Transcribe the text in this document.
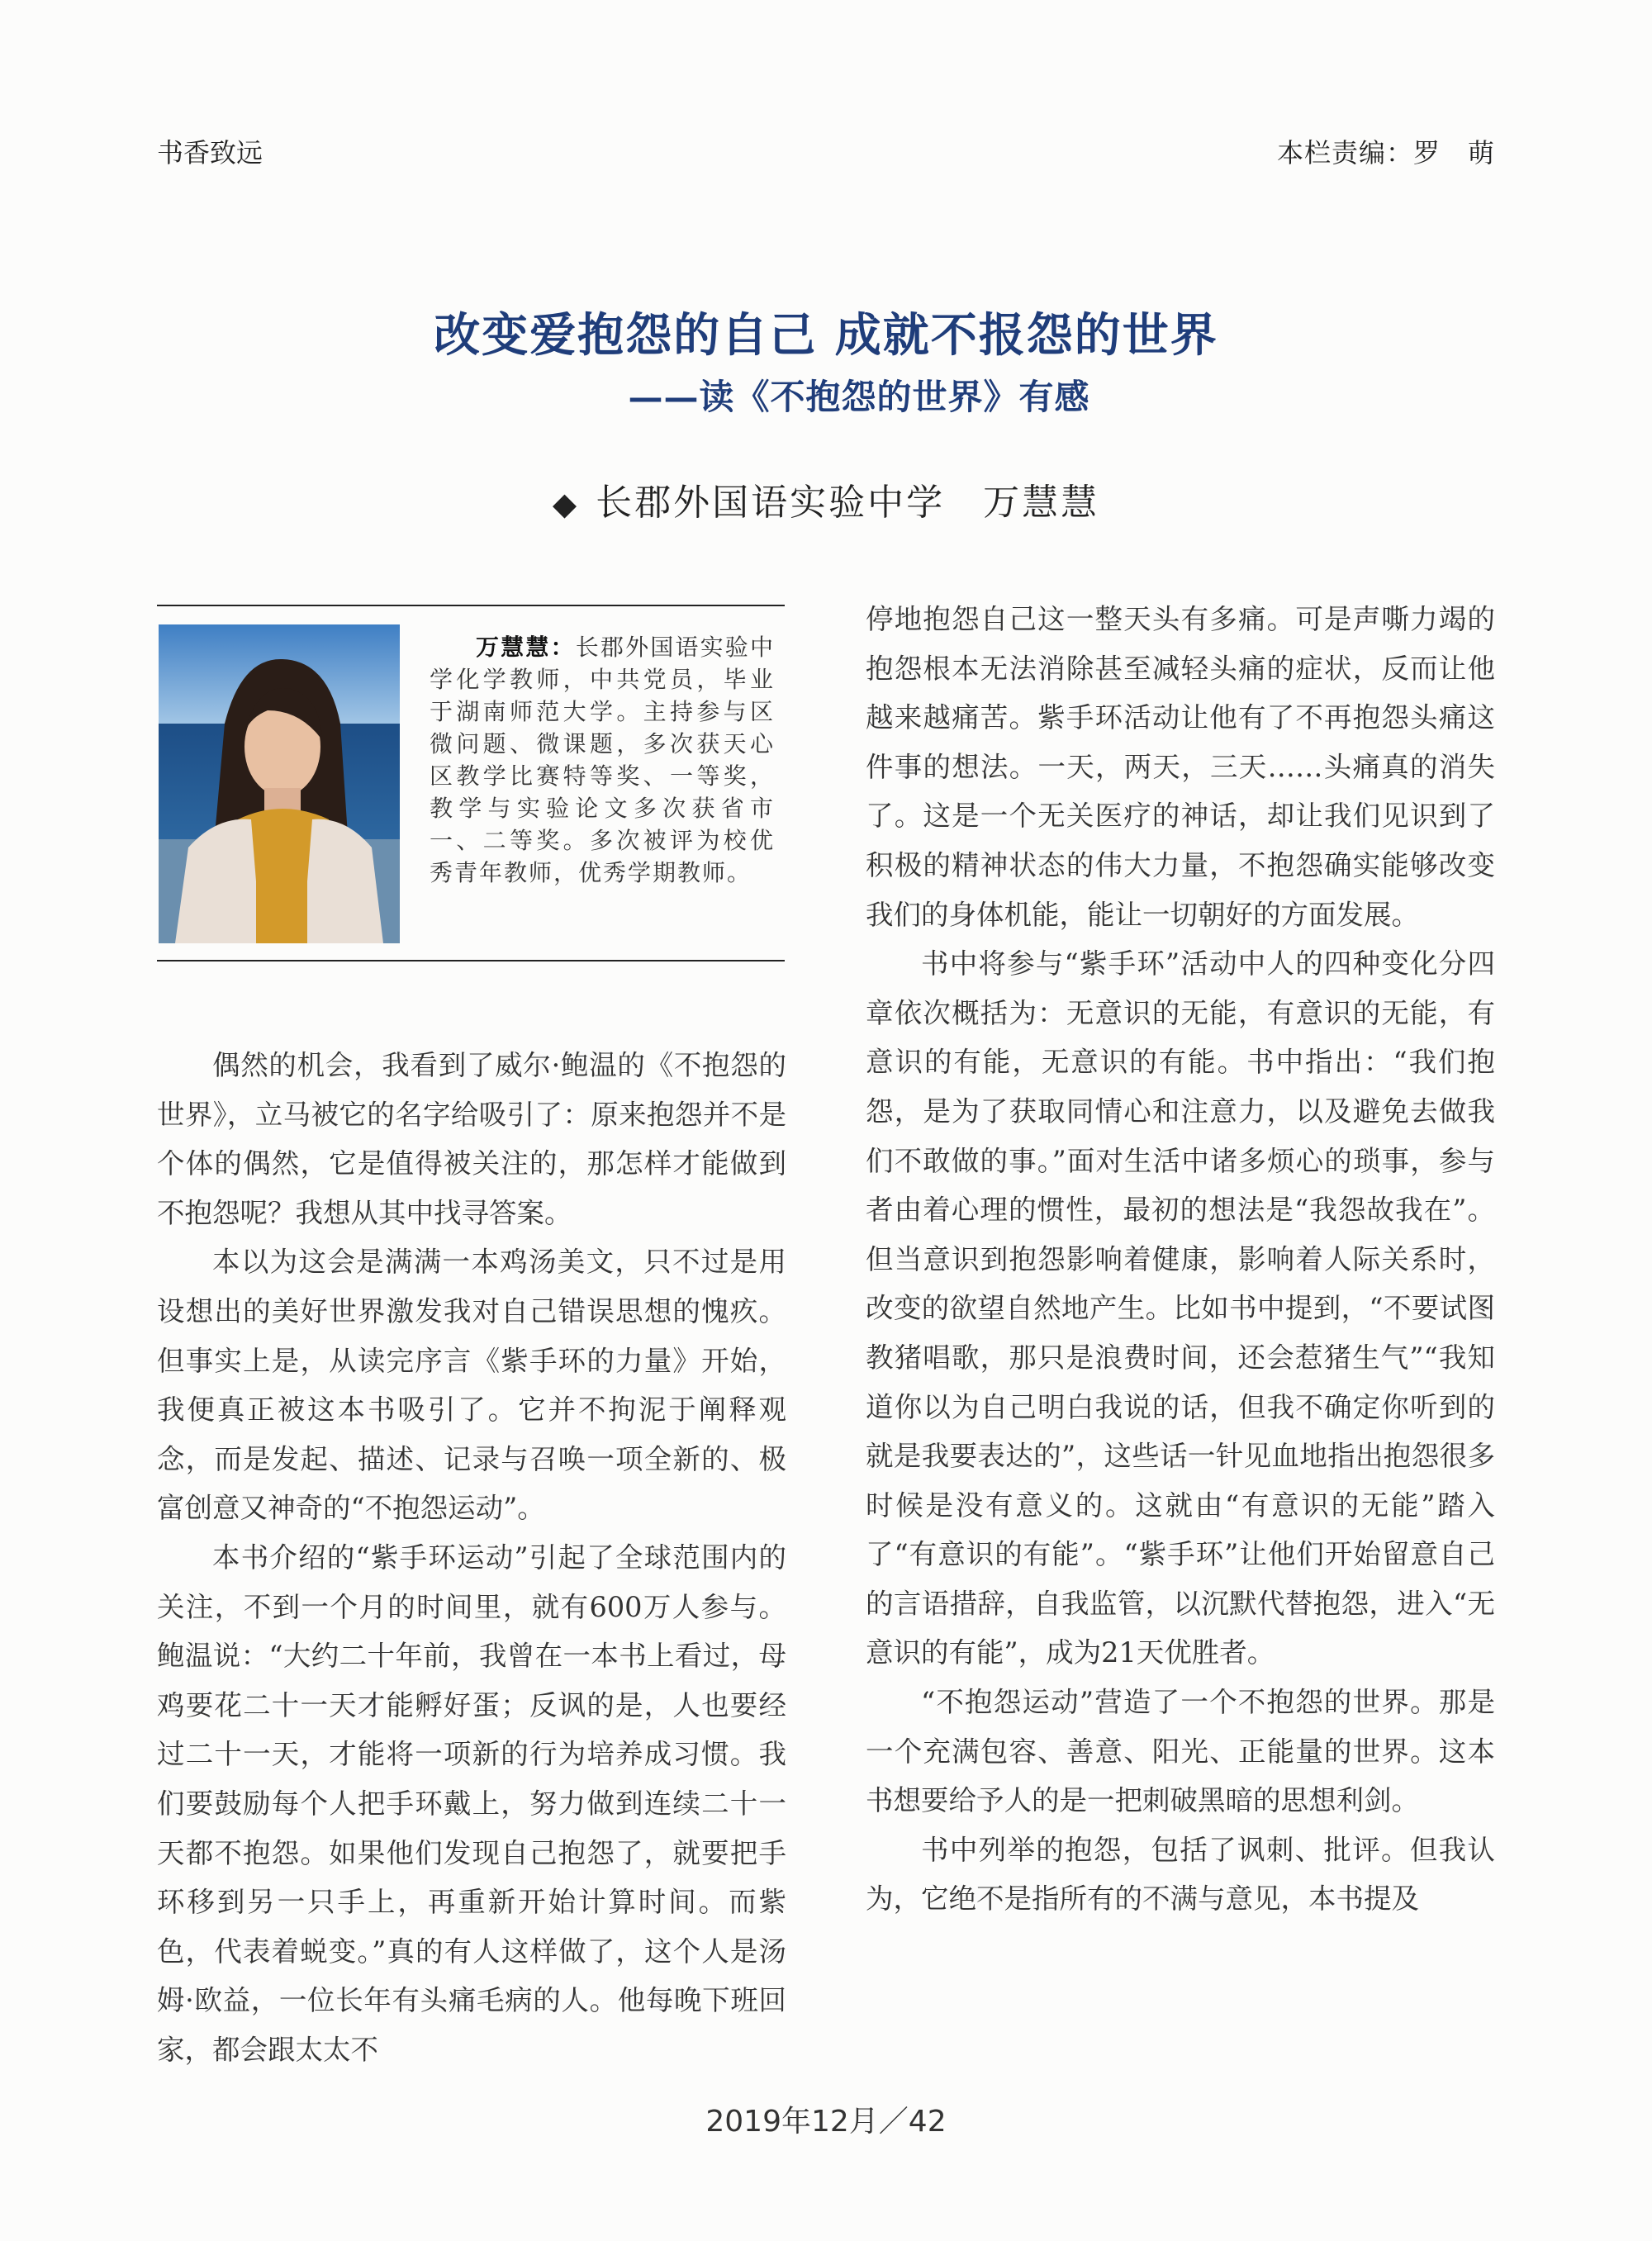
书香致远	本栏责编：罗　萌
改变爱抱怨的自己 成就不报怨的世界
——读《不抱怨的世界》有感
◆ 长郡外国语实验中学 万慧慧
万慧慧：长郡外国语实验中学化学教师，中共党员，毕业于湖南师范大学。主持参与区微问题、微课题，多次获天心区教学比赛特等奖、一等奖，教学与实验论文多次获省市一、二等奖。多次被评为校优秀青年教师，优秀学期教师。

偶然的机会，我看到了威尔·鲍温的《不抱怨的世界》，立马被它的名字给吸引了：原来抱怨并不是个体的偶然，它是值得被关注的，那怎样才能做到不抱怨呢？我想从其中找寻答案。

本以为这会是满满一本鸡汤美文，只不过是用设想出的美好世界激发我对自己错误思想的愧疚。但事实上是，从读完序言《紫手环的力量》开始，我便真正被这本书吸引了。它并不拘泥于阐释观念，而是发起、描述、记录与召唤一项全新的、极富创意又神奇的“不抱怨运动”。

本书介绍的“紫手环运动”引起了全球范围内的关注，不到一个月的时间里，就有600万人参与。鲍温说：“大约二十年前，我曾在一本书上看过，母鸡要花二十一天才能孵好蛋；反讽的是，人也要经过二十一天，才能将一项新的行为培养成习惯。我们要鼓励每个人把手环戴上，努力做到连续二十一天都不抱怨。如果他们发现自己抱怨了，就要把手环移到另一只手上，再重新开始计算时间。而紫色，代表着蜕变。”真的有人这样做了，这个人是汤姆·欧益，一位长年有头痛毛病的人。他每晚下班回家，都会跟太太不

停地抱怨自己这一整天头有多痛。可是声嘶力竭的抱怨根本无法消除甚至减轻头痛的症状，反而让他越来越痛苦。紫手环活动让他有了不再抱怨头痛这件事的想法。一天，两天，三天……头痛真的消失了。这是一个无关医疗的神话，却让我们见识到了积极的精神状态的伟大力量，不抱怨确实能够改变我们的身体机能，能让一切朝好的方面发展。

书中将参与“紫手环”活动中人的四种变化分四章依次概括为：无意识的无能，有意识的无能，有意识的有能，无意识的有能。书中指出：“我们抱怨，是为了获取同情心和注意力，以及避免去做我们不敢做的事。”面对生活中诸多烦心的琐事，参与者由着心理的惯性，最初的想法是“我怨故我在”。但当意识到抱怨影响着健康，影响着人际关系时，改变的欲望自然地产生。比如书中提到，“不要试图教猪唱歌，那只是浪费时间，还会惹猪生气”“我知道你以为自己明白我说的话，但我不确定你听到的就是我要表达的”，这些话一针见血地指出抱怨很多时候是没有意义的。这就由“有意识的无能”踏入了“有意识的有能”。“紫手环”让他们开始留意自己的言语措辞，自我监管，以沉默代替抱怨，进入“无意识的有能”，成为21天优胜者。

“不抱怨运动”营造了一个不抱怨的世界。那是一个充满包容、善意、阳光、正能量的世界。这本书想要给予人的是一把刺破黑暗的思想利剑。

书中列举的抱怨，包括了讽刺、批评。但我认为，它绝不是指所有的不满与意见，本书提及

2019年12月／42
